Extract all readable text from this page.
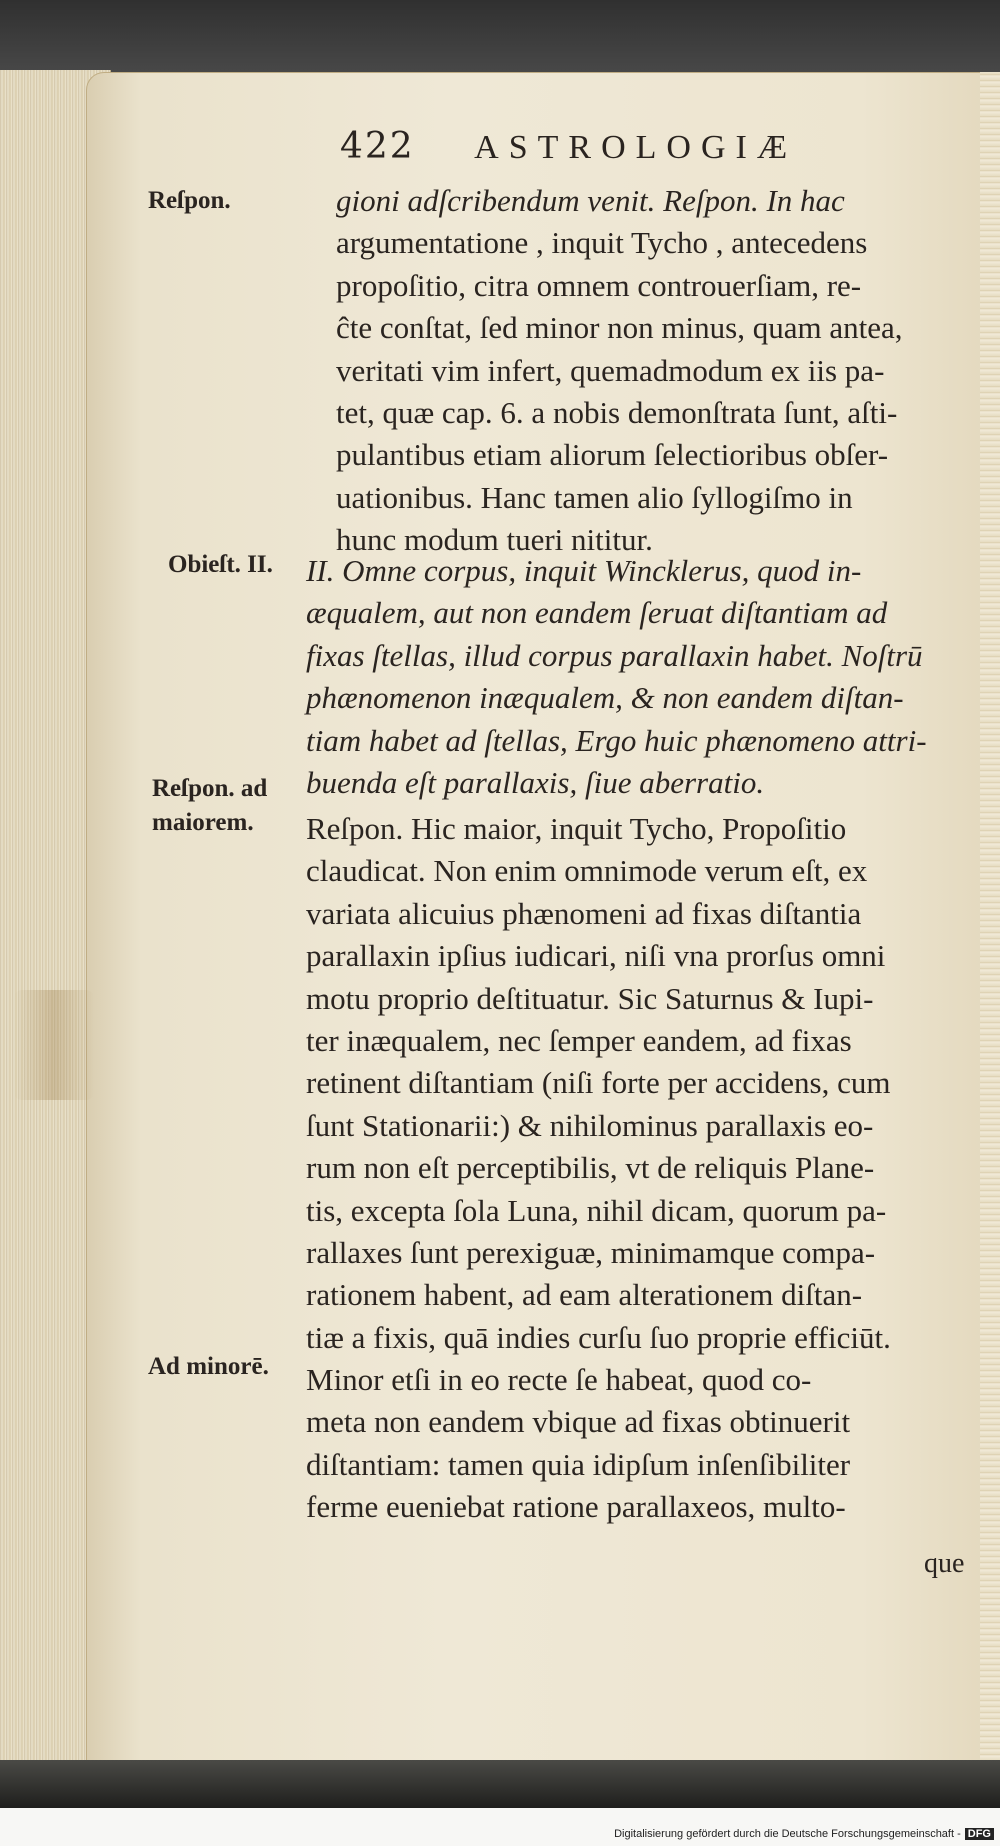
422 ASTROLOGIÆ
Reſpon.
Obieſt. II.
Reſpon. ad
maiorem.
Ad minorē.
gioni adſcribendum venit. Reſpon. In hac
argumentatione , inquit Tycho , antecedens
propoſitio, citra omnem controuerſiam, re-
ĉte conſtat, ſed minor non minus, quam antea,
veritati vim infert, quemadmodum ex iis pa-
tet, quæ cap. 6. a nobis demonſtrata ſunt, aſti-
pulantibus etiam aliorum ſelectioribus obſer-
uationibus. Hanc tamen alio ſyllogiſmo in
hunc modum tueri nititur.
II. Omne corpus, inquit Wincklerus, quod in-
æqualem, aut non eandem ſeruat diſtantiam ad
fixas ſtellas, illud corpus parallaxin habet. Noſtrū
phænomenon inæqualem, & non eandem diſtan-
tiam habet ad ſtellas, Ergo huic phænomeno attri-
buenda eſt parallaxis, ſiue aberratio.
Reſpon. Hic maior, inquit Tycho, Propoſitio
claudicat. Non enim omnimode verum eſt, ex
variata alicuius phænomeni ad fixas diſtantia
parallaxin ipſius iudicari, niſi vna prorſus omni
motu proprio deſtituatur. Sic Saturnus & Iupi-
ter inæqualem, nec ſemper eandem, ad fixas
retinent diſtantiam (niſi forte per accidens, cum
ſunt Stationarii:) & nihilominus parallaxis eo-
rum non eſt perceptibilis, vt de reliquis Plane-
tis, excepta ſola Luna, nihil dicam, quorum pa-
rallaxes ſunt perexiguæ, minimamque compa-
rationem habent, ad eam alterationem diſtan-
tiæ a fixis, quā indies curſu ſuo proprie efficiūt.
Minor etſi in eo recte ſe habeat, quod co-
meta non eandem vbique ad fixas obtinuerit
diſtantiam: tamen quia idipſum inſenſibiliter
ferme eueniebat ratione parallaxeos, multo-
que
Digitalisierung gefördert durch die Deutsche Forschungsgemeinschaft - DFG
